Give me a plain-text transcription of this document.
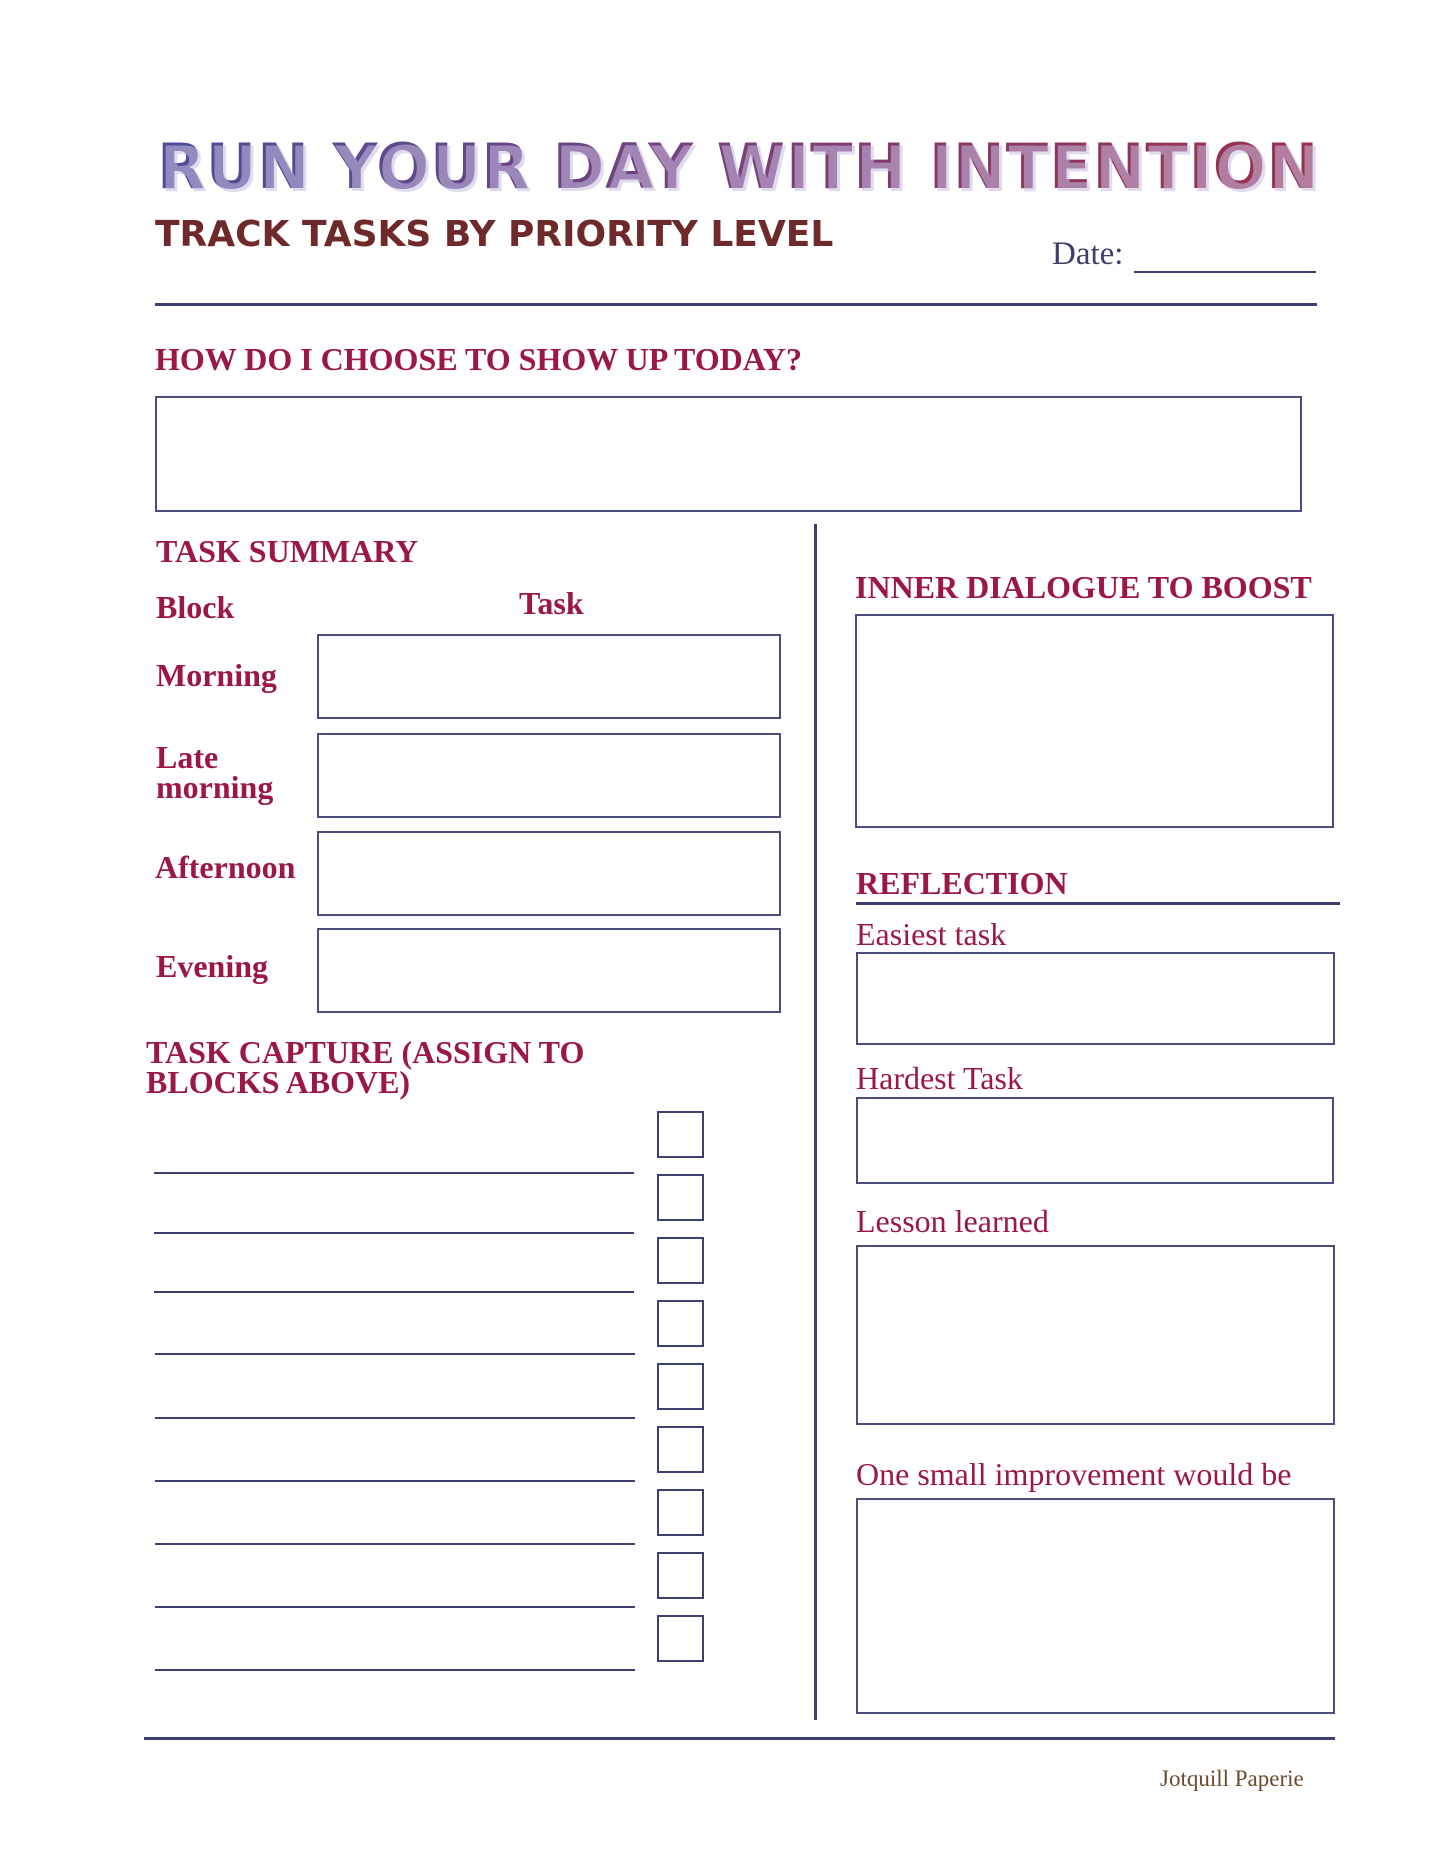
RUN YOUR DAY WITH INTENTION
TRACK TASKS BY PRIORITY LEVEL	Date:
HOW DO I CHOOSE TO SHOW UP TODAY?
TASK SUMMARY
Block	Task
Morning
Late morning
Afternoon
Evening
TASK CAPTURE (ASSIGN TO BLOCKS ABOVE)
INNER DIALOGUE TO BOOST
REFLECTION
Easiest task
Hardest Task
Lesson learned
One small improvement would be
Jotquill Paperie
